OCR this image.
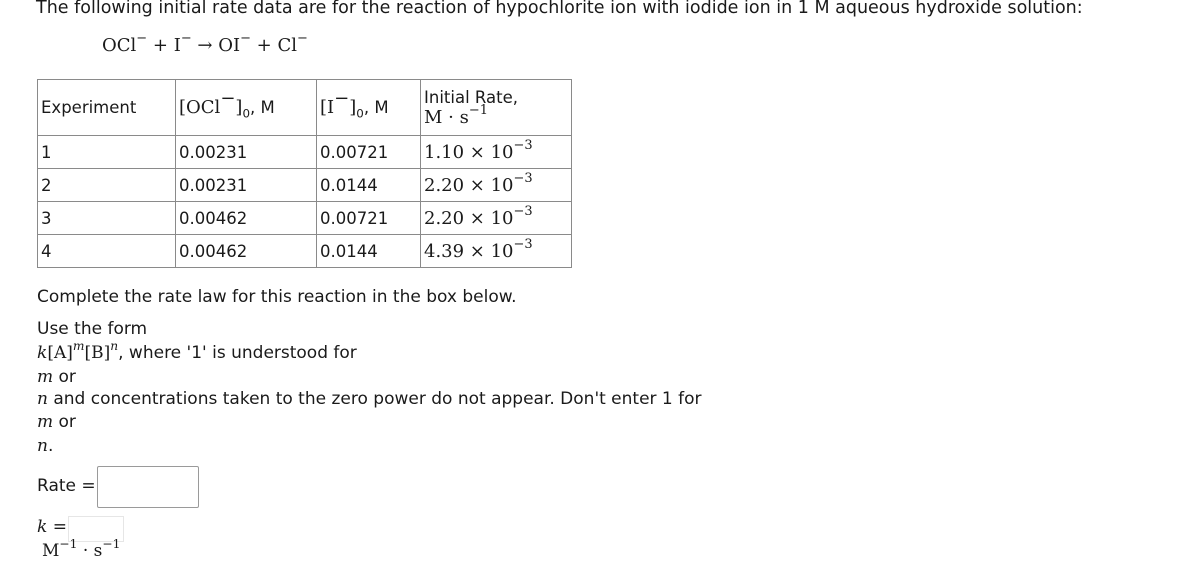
The following initial rate data are for the reaction of hypochlorite ion with iodide ion in 1 M aqueous hydroxide solution:
OCl− + I− → OI− + Cl−
Experiment	$[OCl^-]_0$, M	$[I^-]_0$, M	Initial Rate,
$M \cdot s^{-1}$

1	0.00231	0.00721	$1.10 \times 10^{-3}$
2	0.00231	0.0144	$2.20 \times 10^{-3}$
3	0.00462	0.00721	$2.20 \times 10^{-3}$
4	0.00462	0.0144	$4.39 \times 10^{-3}$
Complete the rate law for this reaction in the box below.
Use the form
$k[A]^m[B]^n$, where '1' is understood for
m or
n and concentrations taken to the zero power do not appear. Don't enter 1 for
m or
n.
Rate =
k =
$M^{-1} \cdot s^{-1}$
